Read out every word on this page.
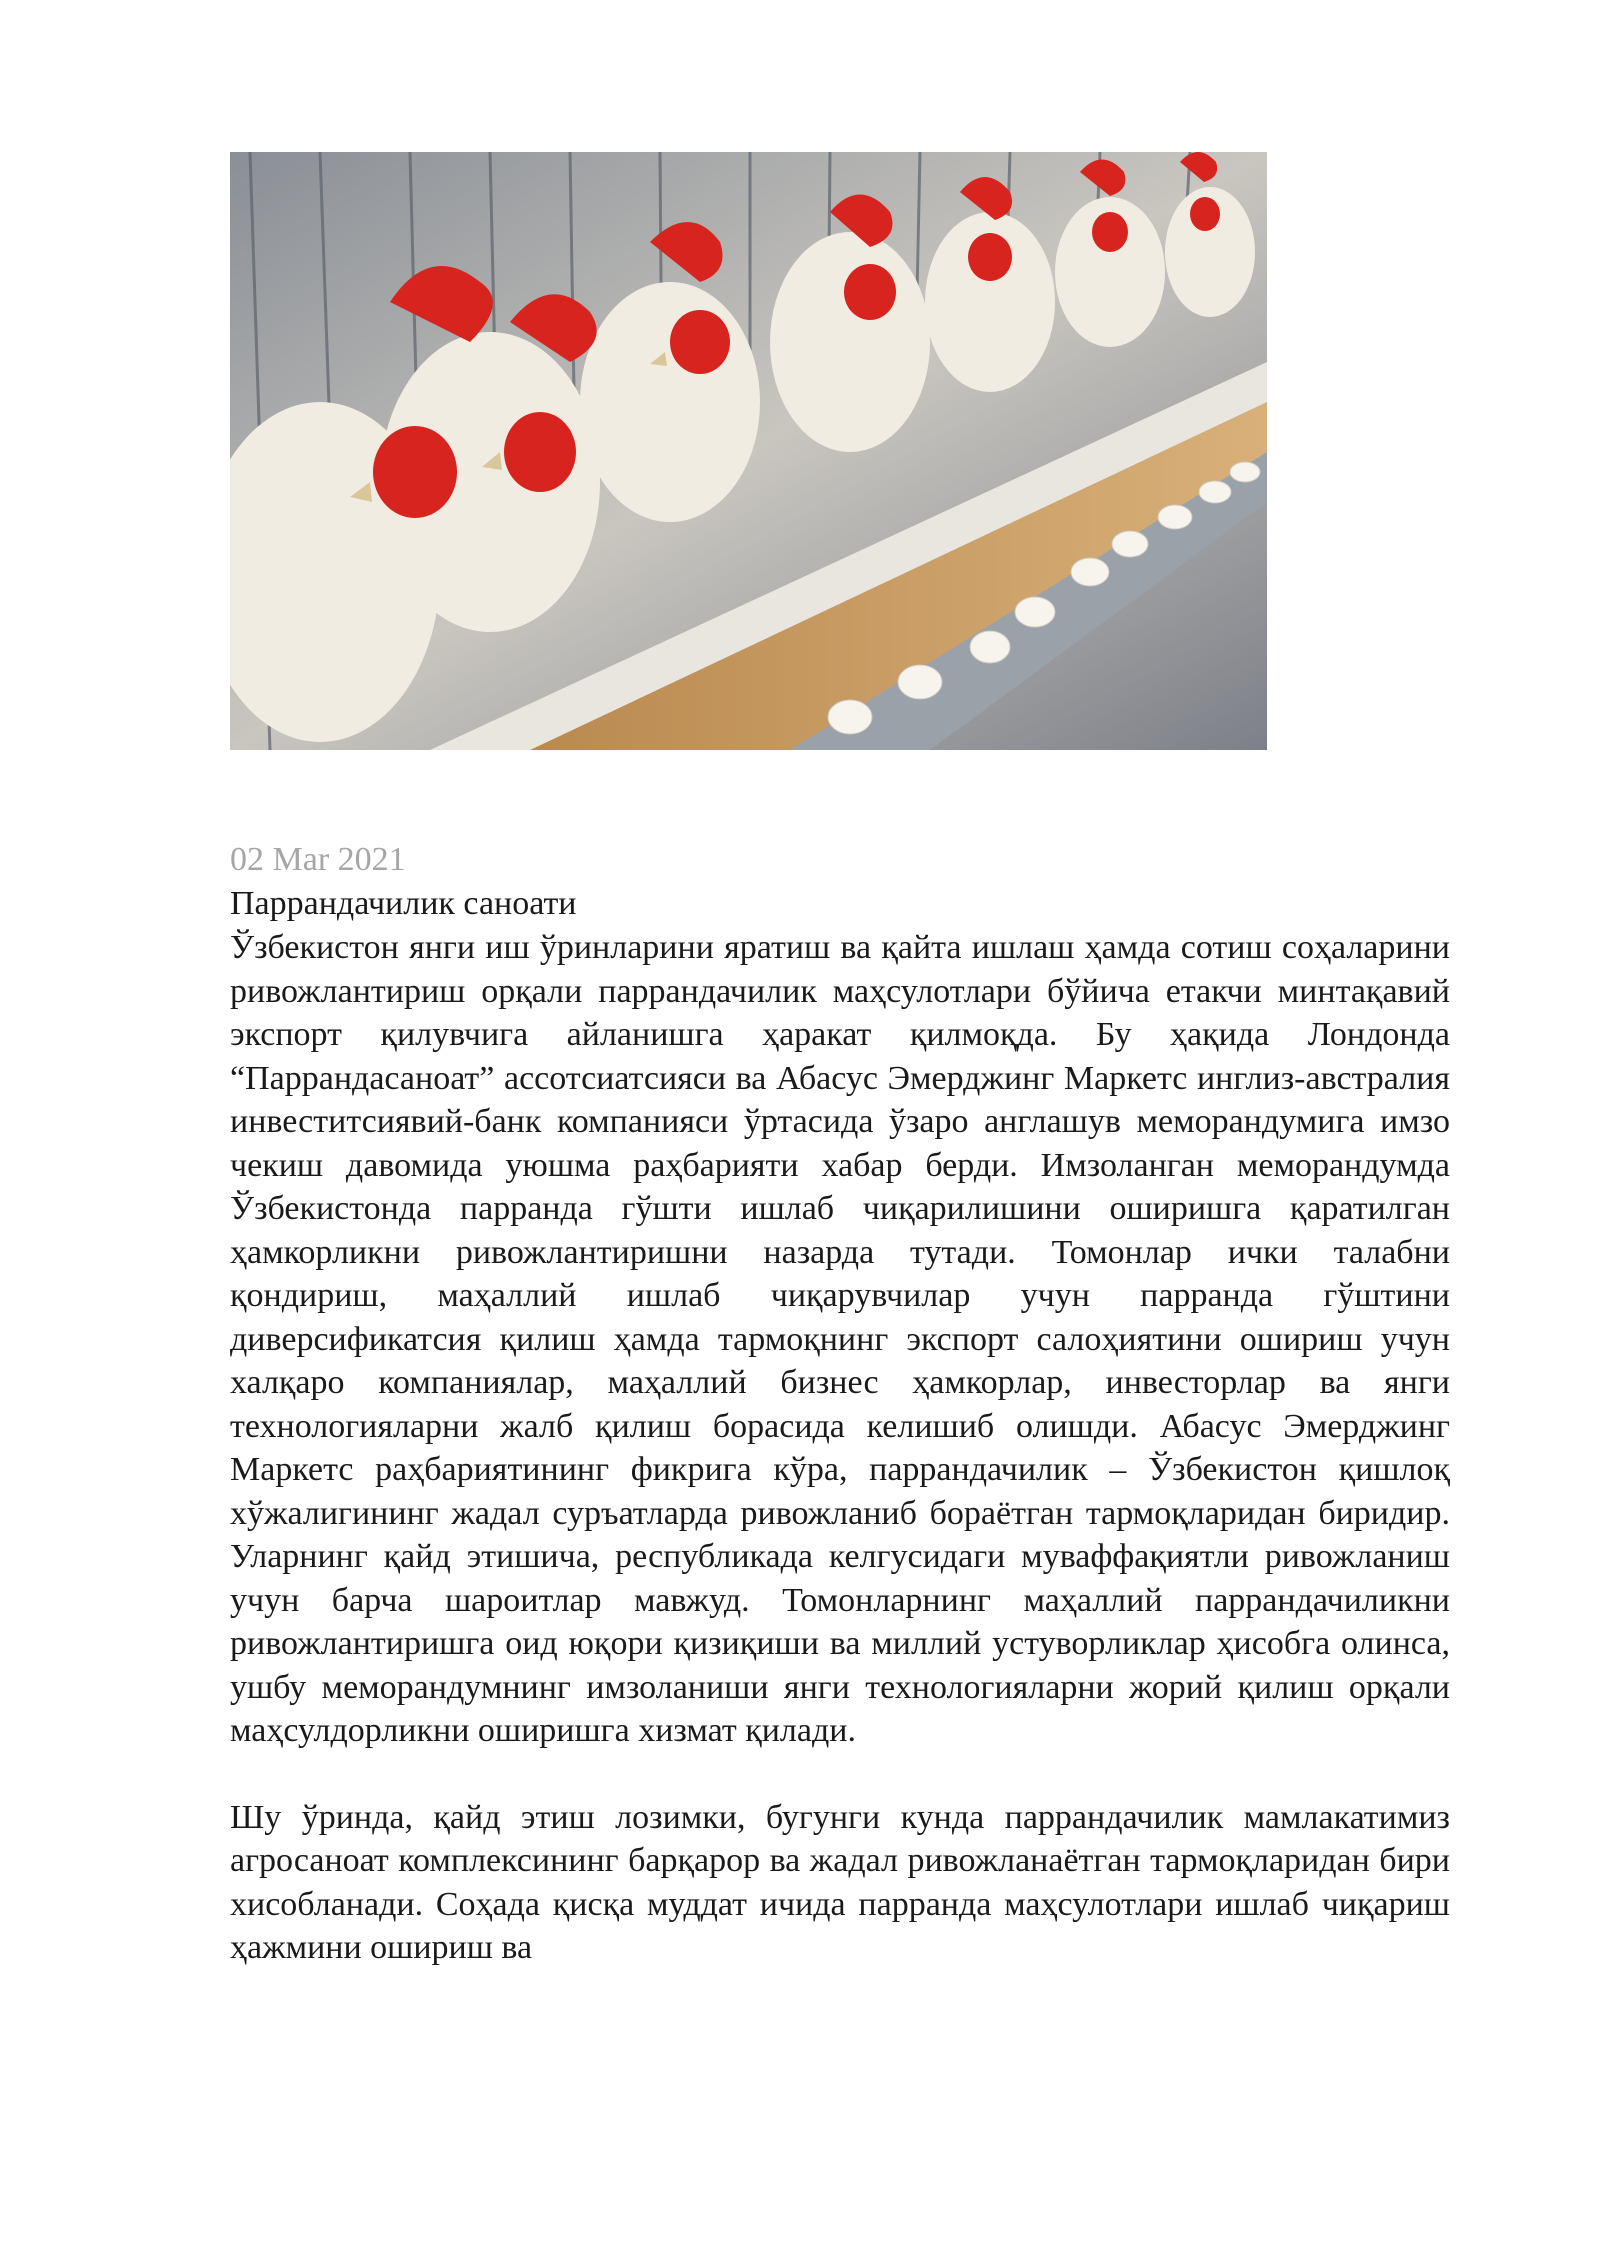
02 Mar 2021

Паррандачилик саноати

Ўзбекистон янги иш ўринларини яратиш ва қайта ишлаш ҳамда сотиш соҳаларини ривожлантириш орқали паррандачилик маҳсулотлари бўйича етакчи минтақавий экспорт қилувчига айланишга ҳаракат қилмоқда. Бу ҳақида Лондонда “Паррандасаноат” ассотсиатсияси ва Абасус Эмерджинг Маркетс инглиз-австралия инвеститсиявий-банк компанияси ўртасида ўзаро англашув меморандумига имзо чекиш давомида уюшма раҳбарияти хабар берди. Имзоланган меморандумда Ўзбекистонда парранда гўшти ишлаб чиқарилишини оширишга қаратилган ҳамкорликни ривожлантиришни назарда тутади. Томонлар ички талабни қондириш, маҳаллий ишлаб чиқарувчилар учун парранда гўштини диверсификатсия қилиш ҳамда тармоқнинг экспорт салоҳиятини ошириш учун халқаро компаниялар, маҳаллий бизнес ҳамкорлар, инвесторлар ва янги технологияларни жалб қилиш борасида келишиб олишди. Абасус Эмерджинг Маркетс раҳбариятининг фикрига кўра, паррандачилик – Ўзбекистон қишлоқ хўжалигининг жадал суръатларда ривожланиб бораётган тармоқларидан биридир. Уларнинг қайд этишича, республикада келгусидаги муваффақиятли ривожланиш учун барча шароитлар мавжуд. Томонларнинг маҳаллий паррандачиликни ривожлантиришга оид юқори қизиқиши ва миллий устуворликлар ҳисобга олинса, ушбу меморандумнинг имзоланиши янги технологияларни жорий қилиш орқали маҳсулдорликни оширишга хизмат қилади.

Шу ўринда, қайд этиш лозимки, бугунги кунда паррандачилик мамлакатимиз агросаноат комплексининг барқарор ва жадал ривожланаётган тармоқларидан бири хисобланади. Соҳада қисқа муддат ичида парранда маҳсулотлари ишлаб чиқариш ҳажмини ошириш ва
